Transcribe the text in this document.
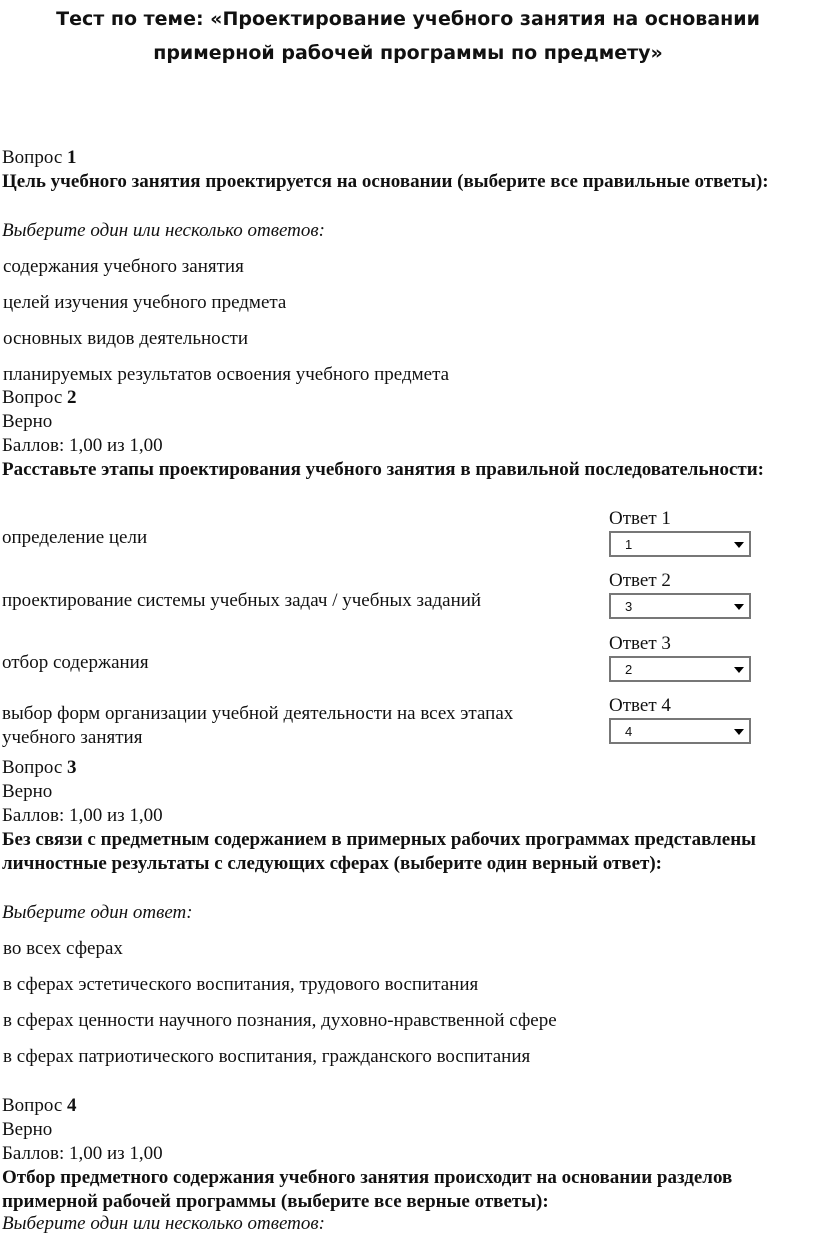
Тест по теме: «Проектирование учебного занятия на основании примерной рабочей программы по предмету»
Вопрос 1
Цель учебного занятия проектируется на основании (выберите все правильные ответы):
Выберите один или несколько ответов:
содержания учебного занятия
целей изучения учебного предмета
основных видов деятельности
планируемых результатов освоения учебного предмета
Вопрос 2
Верно
Баллов: 1,00 из 1,00
Расставьте этапы проектирования учебного занятия в правильной последовательности:
определение цели
Ответ 1
1
проектирование системы учебных задач / учебных заданий
Ответ 2
3
отбор содержания
Ответ 3
2
выбор форм организации учебной деятельности на всех этапах учебного занятия
Ответ 4
4
Вопрос 3
Верно
Баллов: 1,00 из 1,00
Без связи с предметным содержанием в примерных рабочих программах представлены личностные результаты с следующих сферах (выберите один верный ответ):
Выберите один ответ:
во всех сферах
в сферах эстетического воспитания, трудового воспитания
в сферах ценности научного познания, духовно-нравственной сфере
в сферах патриотического воспитания, гражданского воспитания
Вопрос 4
Верно
Баллов: 1,00 из 1,00
Отбор предметного содержания учебного занятия происходит на основании разделов примерной рабочей программы (выберите все верные ответы):
Выберите один или несколько ответов:
